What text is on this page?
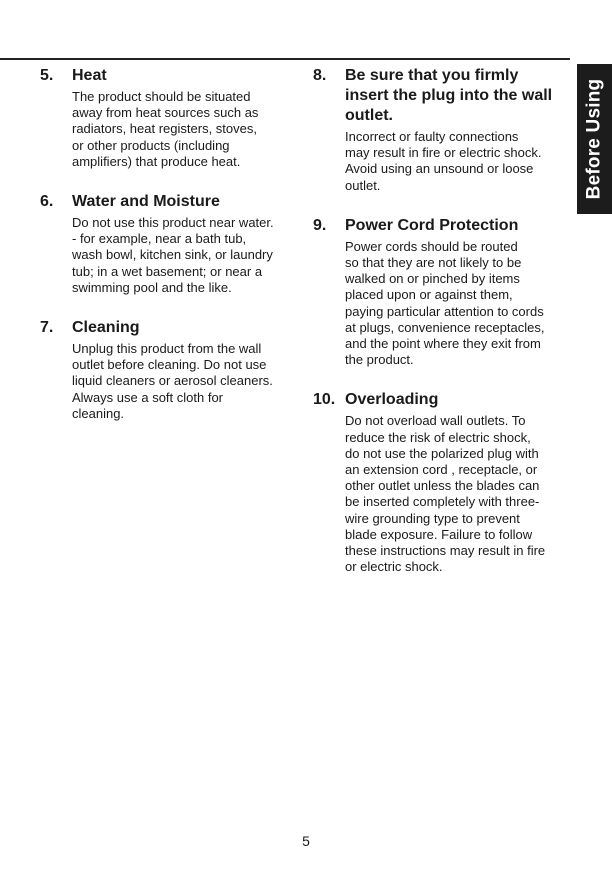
Before Using
5.	Heat
The product should be situated
away from heat sources such as
radiators, heat registers, stoves,
or other products (including
amplifiers) that produce heat.
6.	Water and Moisture
Do not use this product near water.
- for example, near a bath tub,
wash bowl, kitchen sink, or laundry
tub; in a wet basement; or near a
swimming pool and the like.
7.	Cleaning
Unplug this product from the wall
outlet before cleaning. Do not use
liquid cleaners or aerosol cleaners.
Always use a soft cloth for
cleaning.
8.	Be sure that you firmly
insert the plug into the wall
outlet.
Incorrect or faulty connections
may result in fire or electric shock.
Avoid using an unsound or loose
outlet.
9.	Power Cord Protection
Power cords should be routed
so that they are not likely to be
walked on or pinched by items
placed upon or against them,
paying particular attention to cords
at plugs, convenience receptacles,
and the point where they exit from
the product.
10. Overloading
Do not overload wall outlets. To
reduce the risk of electric shock,
do not use the polarized plug with
an extension cord , receptacle, or
other outlet unless the blades can
be inserted completely with three-
wire grounding type to prevent
blade exposure. Failure to follow
these instructions may result in fire
or electric shock.
5
